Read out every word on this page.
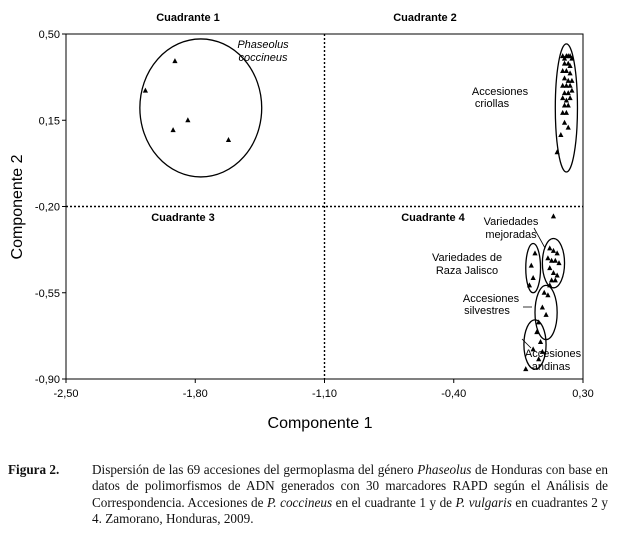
-2,50	-1,80	-1,10	-0,40	0,30
0,50
0,15
-0,20
-0,55
-0,90
Cuadrante 1	Cuadrante 2
Cuadrante 3	Cuadrante 4
Phaseolus
coccineus
Accesiones
criollas
Variedades
mejoradas
Variedades de
Raza Jalisco
Accesiones
silvestres
Accesiones
andinas
Componente 1
Componente 2
Figura 2. Dispersión de las 69 accesiones del germoplasma del género Phaseolus de Honduras con base en datos de polimorfismos de ADN generados con 30 marcadores RAPD según el Análisis de Correspondencia. Accesiones de P. coccineus en el cuadrante 1 y de P. vulgaris en cuadrantes 2 y 4. Zamorano, Honduras, 2009.
